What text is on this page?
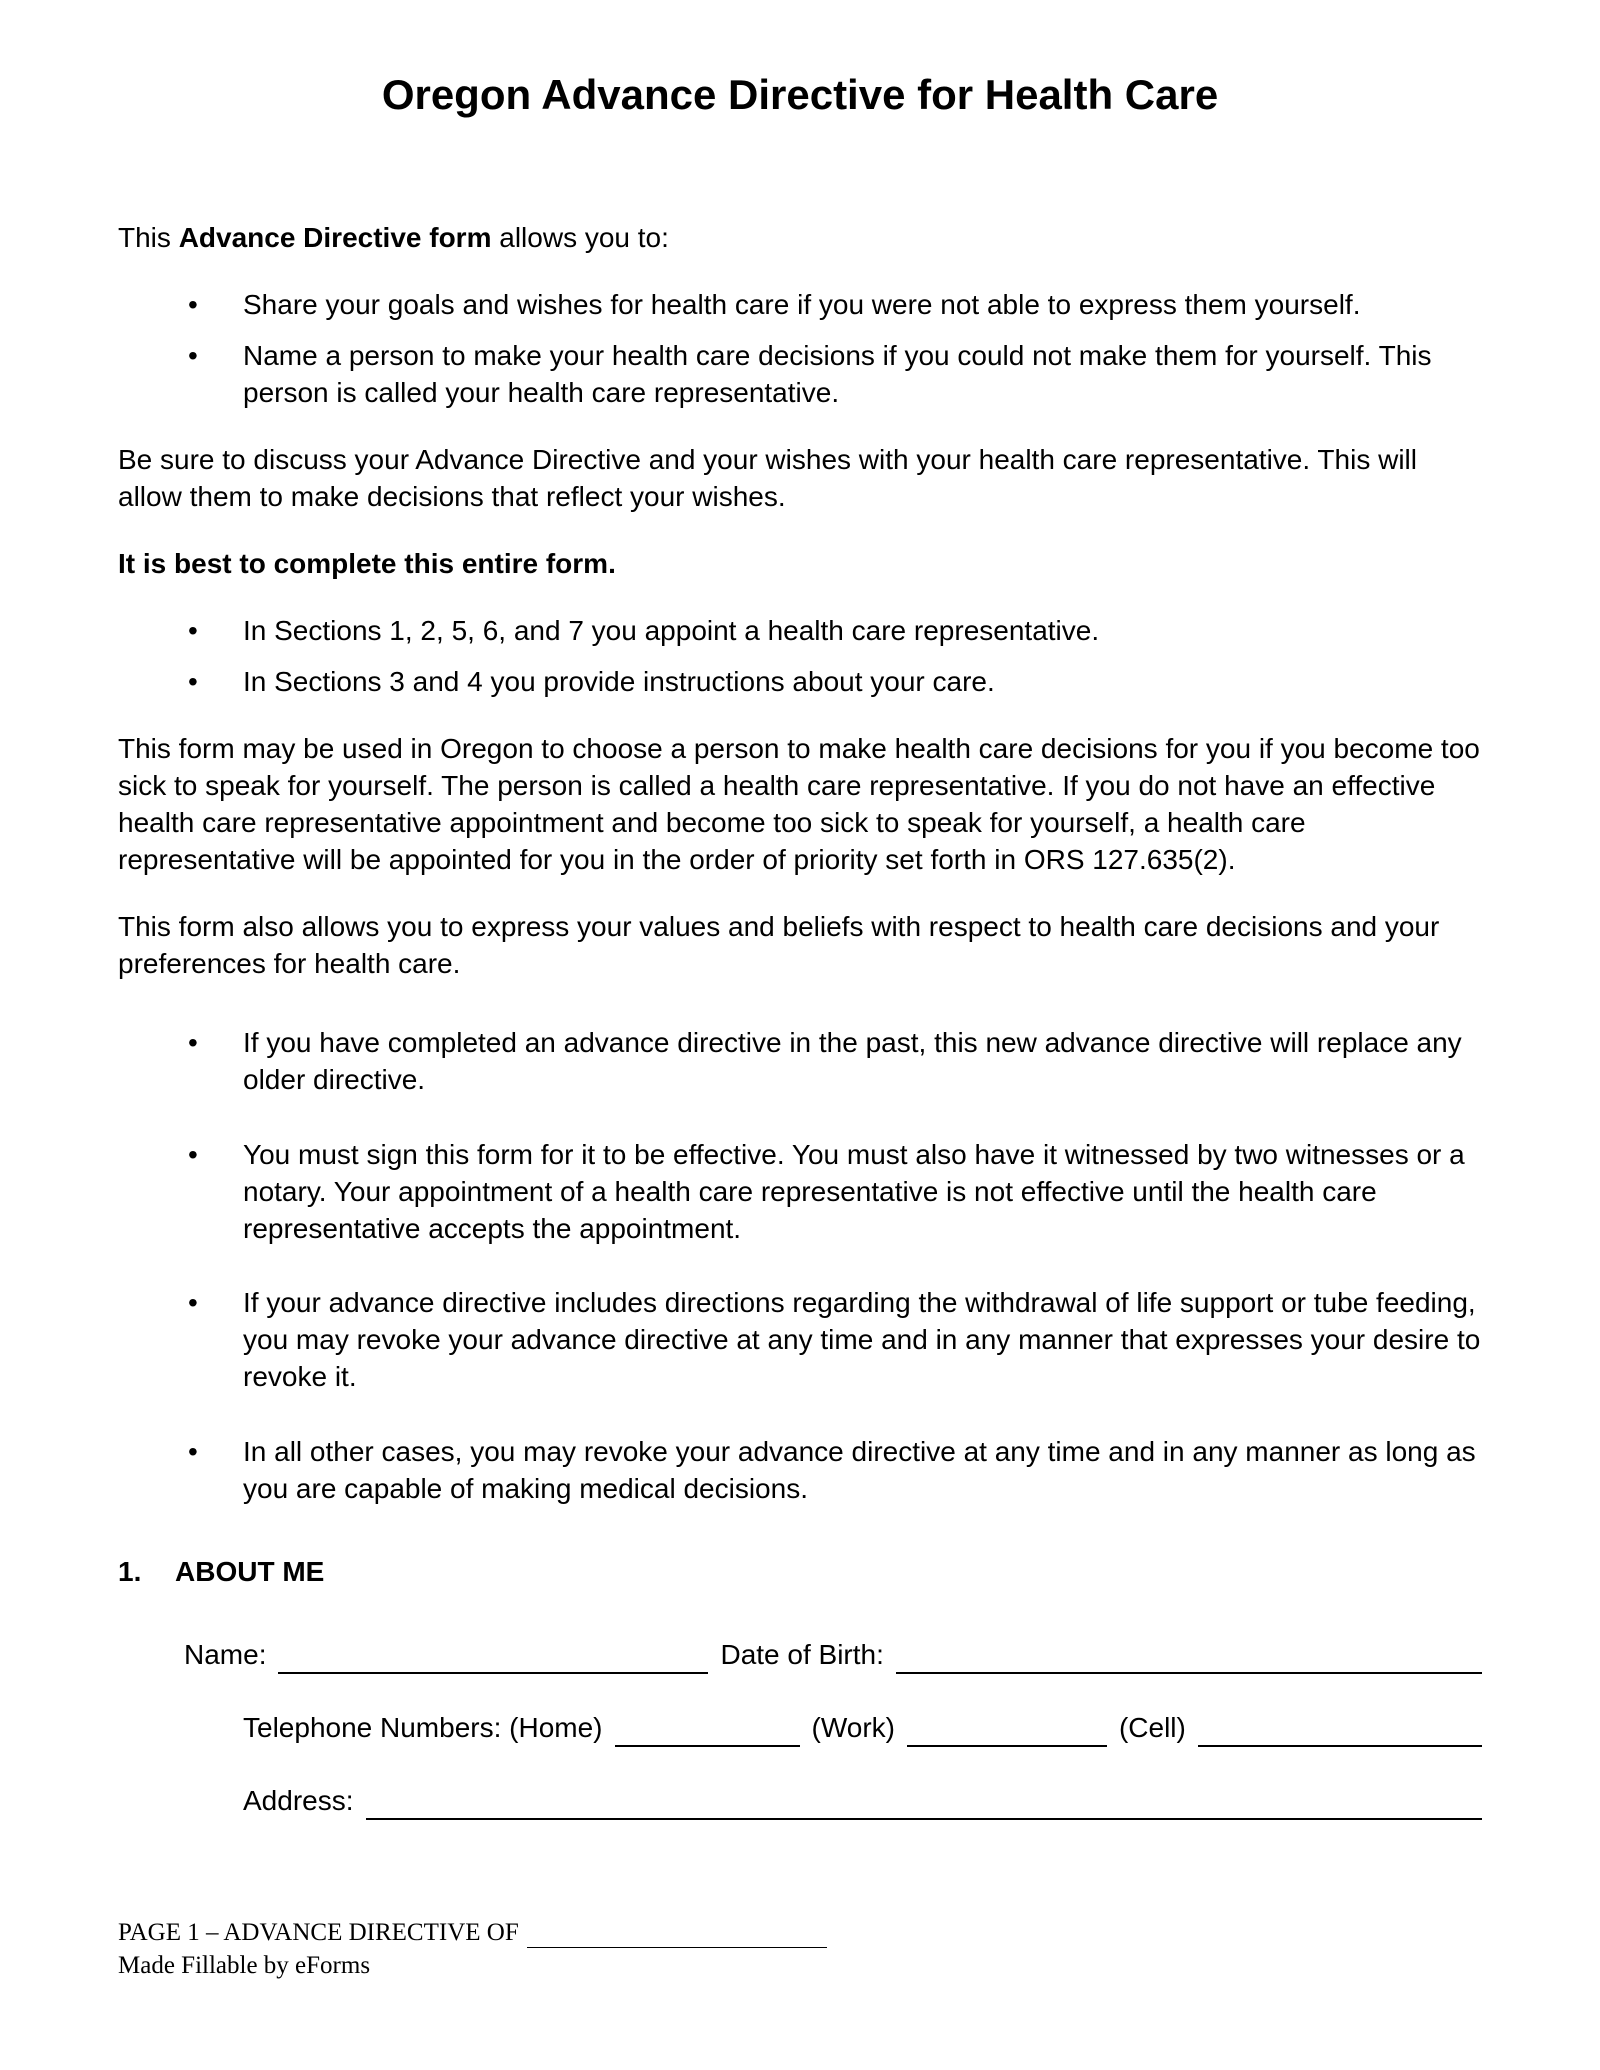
Oregon Advance Directive for Health Care

This Advance Directive form allows you to:

• Share your goals and wishes for health care if you were not able to express them yourself.
• Name a person to make your health care decisions if you could not make them for yourself. This person is called your health care representative.

Be sure to discuss your Advance Directive and your wishes with your health care representative. This will allow them to make decisions that reflect your wishes.

It is best to complete this entire form.

• In Sections 1, 2, 5, 6, and 7 you appoint a health care representative.
• In Sections 3 and 4 you provide instructions about your care.

This form may be used in Oregon to choose a person to make health care decisions for you if you become too sick to speak for yourself. The person is called a health care representative. If you do not have an effective health care representative appointment and become too sick to speak for yourself, a health care representative will be appointed for you in the order of priority set forth in ORS 127.635(2).

This form also allows you to express your values and beliefs with respect to health care decisions and your preferences for health care.

• If you have completed an advance directive in the past, this new advance directive will replace any older directive.
• You must sign this form for it to be effective. You must also have it witnessed by two witnesses or a notary. Your appointment of a health care representative is not effective until the health care representative accepts the appointment.
• If your advance directive includes directions regarding the withdrawal of life support or tube feeding, you may revoke your advance directive at any time and in any manner that expresses your desire to revoke it.
• In all other cases, you may revoke your advance directive at any time and in any manner as long as you are capable of making medical decisions.
1. ABOUT ME
Name:	Date of Birth:
Telephone Numbers: (Home)	(Work)	(Cell)
Address:
PAGE 1 – ADVANCE DIRECTIVE OF
Made Fillable by eForms
